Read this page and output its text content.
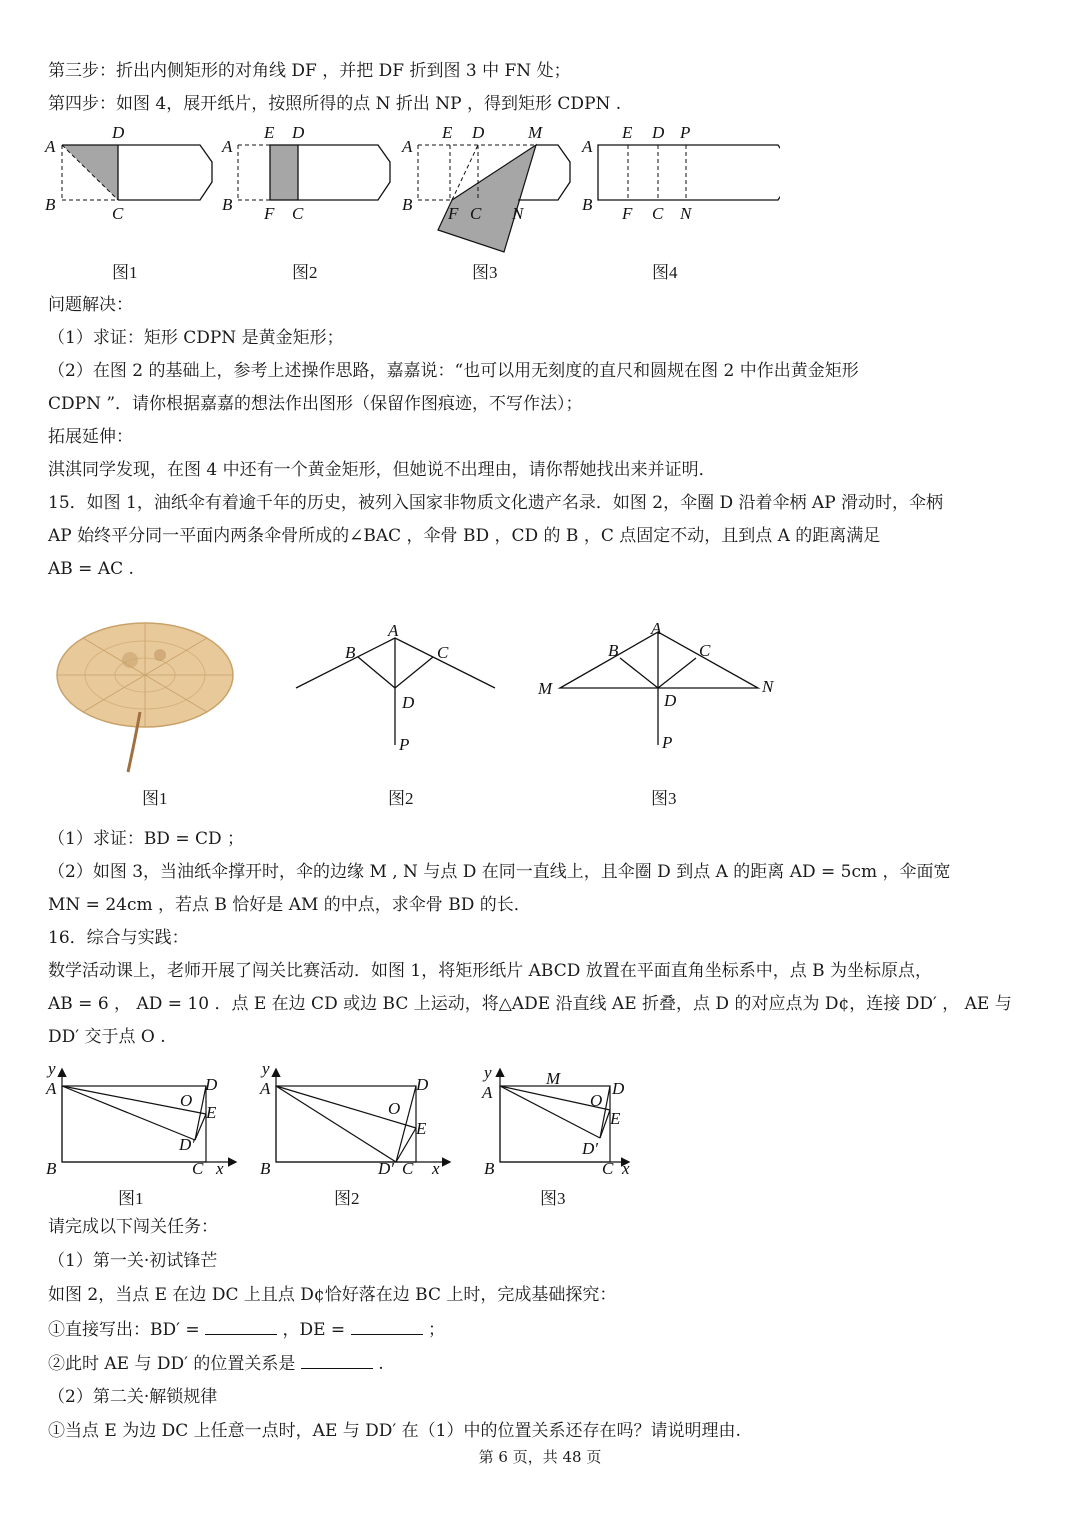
第三步：折出内侧矩形的对角线 DF ，并把 DF 折到图 3 中 FN 处；
第四步：如图 4，展开纸片，按照所得的点 N 折出 NP ，得到矩形 CDPN .
A
D
B	C
A
E D
B F C
A
E D	M
B F C N
A
E D P
B F C N
图1	图2	图3	图4
问题解决：
（1）求证：矩形 CDPN 是黄金矩形；
（2）在图 2 的基础上，参考上述操作思路，嘉嘉说：“也可以用无刻度的直尺和圆规在图 2 中作出黄金矩形
CDPN ”．请你根据嘉嘉的想法作出图形（保留作图痕迹，不写作法）；
拓展延伸：
淇淇同学发现，在图 4 中还有一个黄金矩形，但她说不出理由，请你帮她找出来并证明．
15．如图 1，油纸伞有着逾千年的历史，被列入国家非物质文化遗产名录．如图 2，伞圈 D 沿着伞柄 AP 滑动时，伞柄
AP 始终平分同一平面内两条伞骨所成的∠BAC ，伞骨 BD ，CD 的 B ，C 点固定不动，且到点 A 的距离满足
AB = AC .
A
B	C
D
P
A
B	C
M	N
D
P
图1	图2	图3
（1）求证：BD = CD ；
（2）如图 3，当油纸伞撑开时，伞的边缘 M , N 与点 D 在同一直线上，且伞圈 D 到点 A 的距离 AD = 5cm ，伞面宽
MN = 24cm ，若点 B 恰好是 AM 的中点，求伞骨 BD 的长．
16．综合与实践：
数学活动课上，老师开展了闯关比赛活动．如图 1，将矩形纸片 ABCD 放置在平面直角坐标系中，点 B 为坐标原点，
AB = 6 ， AD = 10 ．点 E 在边 CD 或边 BC 上运动，将△ADE 沿直线 AE 折叠，点 D 的对应点为 D¢，连接 DD′ ， AE 与
DD′ 交于点 O .
y
A	D
O
E
D′
B	C x
y
A	D
O
E
B	D′ C x
y
A
M
D
O
E
D′
B	C x
图1	图2	图3
请完成以下闯关任务：
（1）第一关·初试锋芒
如图 2，当点 E 在边 DC 上且点 D¢恰好落在边 BC 上时，完成基础探究：
①直接写出：BD′ =	，DE =	；
②此时 AE 与 DD′ 的位置关系是	.
（2）第二关·解锁规律
①当点 E 为边 DC 上任意一点时，AE 与 DD′ 在（1）中的位置关系还存在吗？请说明理由.
第 6 页，共 48 页
